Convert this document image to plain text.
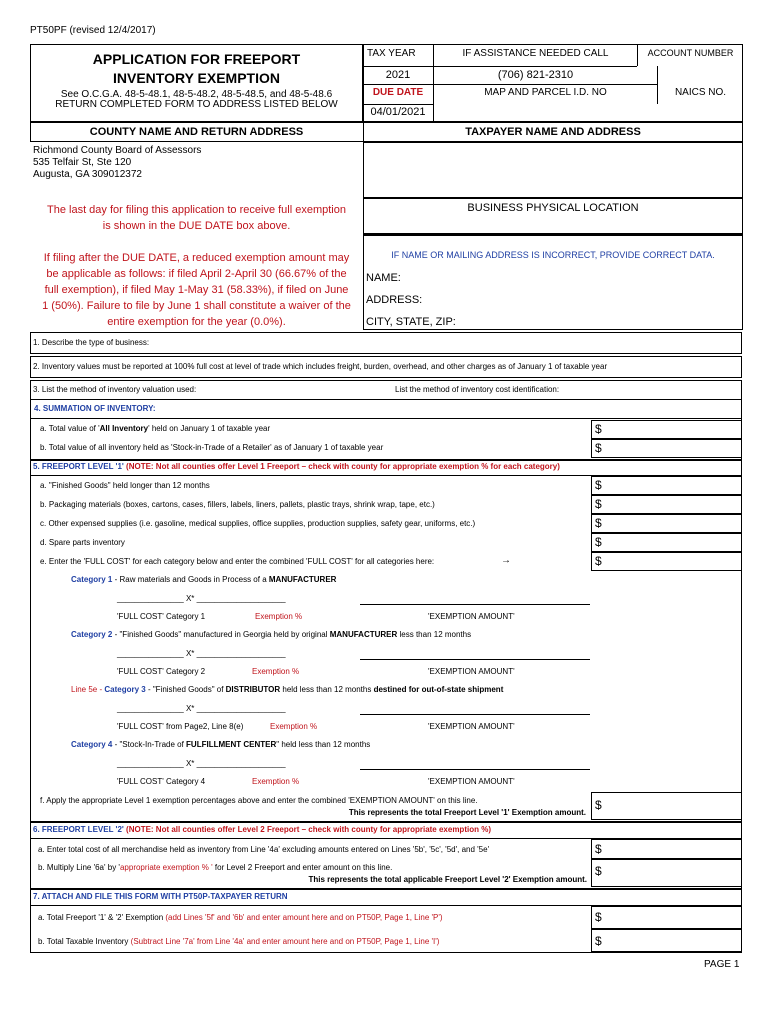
PT50PF (revised 12/4/2017)
APPLICATION FOR FREEPORT
INVENTORY EXEMPTION
See O.C.G.A. 48-5-48.1, 48-5-48.2, 48-5-48.5, and 48-5-48.6
RETURN COMPLETED FORM TO ADDRESS LISTED BELOW
TAX YEAR	IF ASSISTANCE NEEDED CALL	ACCOUNT NUMBER
2021	(706) 821-2310
DUE DATE	MAP AND PARCEL I.D. NO	NAICS NO.
04/01/2021
COUNTY NAME AND RETURN ADDRESS	TAXPAYER NAME AND ADDRESS
Richmond County Board of Assessors
535 Telfair St, Ste 120
Augusta, GA 309012372
BUSINESS PHYSICAL LOCATION
The last day for filing this application to receive full exemption
is shown in the DUE DATE box above.
If filing after the DUE DATE, a reduced exemption amount may
be applicable as follows: if filed April 2-April 30 (66.67% of the
full exemption), if filed May 1-May 31 (58.33%), if filed on June
1 (50%). Failure to file by June 1 shall constitute a waiver of the
entire exemption for the year (0.0%).
IF NAME OR MAILING ADDRESS IS INCORRECT, PROVIDE CORRECT DATA.
NAME:
ADDRESS:
CITY, STATE, ZIP:
1. Describe the type of business:
2. Inventory values must be reported at 100% full cost at level of trade which includes freight, burden, overhead, and other charges as of January 1 of taxable year
3. List the method of inventory valuation used:	List the method of inventory cost identification:
4. SUMMATION OF INVENTORY:
a. Total value of 'All Inventory' held on January 1 of taxable year	$
b. Total value of all inventory held as 'Stock-in-Trade of a Retailer' as of January 1 of taxable year	$
5. FREEPORT LEVEL '1' (NOTE: Not all counties offer Level 1 Freeport – check with county for appropriate exemption % for each category)
a. "Finished Goods" held longer than 12 months	$
b. Packaging materials (boxes, cartons, cases, fillers, labels, liners, pallets, plastic trays, shrink wrap, tape, etc.)	$
c. Other expensed supplies (i.e. gasoline, medical supplies, office supplies, production supplies, safety gear, uniforms, etc.)	$
d. Spare parts inventory	$
e. Enter the 'FULL COST' for each category below and enter the combined 'FULL COST' for all categories here:	→	$
Category 1 - Raw materials and Goods in Process of a MANUFACTURER
_______________ X* ____________________
'FULL COST' Category 1	Exemption %	'EXEMPTION AMOUNT'
Category 2 - "Finished Goods" manufactured in Georgia held by original MANUFACTURER less than 12 months
_______________ X* ____________________
'FULL COST' Category 2	Exemption %	'EXEMPTION AMOUNT'
Line 5e - Category 3 - "Finished Goods" of DISTRIBUTOR held less than 12 months destined for out-of-state shipment
_______________ X* ____________________
'FULL COST' from Page2, Line 8(e)	Exemption %	'EXEMPTION AMOUNT'
Category 4 - "Stock-In-Trade of FULFILLMENT CENTER" held less than 12 months
_______________ X* ____________________
'FULL COST' Category 4	Exemption %	'EXEMPTION AMOUNT'
f. Apply the appropriate Level 1 exemption percentages above and enter the combined 'EXEMPTION AMOUNT' on this line.
This represents the total Freeport Level '1' Exemption amount.
$
6. FREEPORT LEVEL '2' (NOTE: Not all counties offer Level 2 Freeport – check with county for appropriate exemption %)
a. Enter total cost of all merchandise held as inventory from Line '4a' excluding amounts entered on Lines '5b', '5c', '5d', and '5e'	$
b. Multiply Line '6a' by 'appropriate exemption % ' for Level 2 Freeport and enter amount on this line.
This represents the total applicable Freeport Level '2' Exemption amount.
$
7. ATTACH AND FILE THIS FORM WITH PT50P-TAXPAYER RETURN
a. Total Freeport '1' & '2' Exemption (add Lines '5f' and '6b' and enter amount here and on PT50P, Page 1, Line 'P')	$
b. Total Taxable Inventory (Subtract Line '7a' from Line '4a' and enter amount here and on PT50P, Page 1, Line 'I')	$
PAGE 1
